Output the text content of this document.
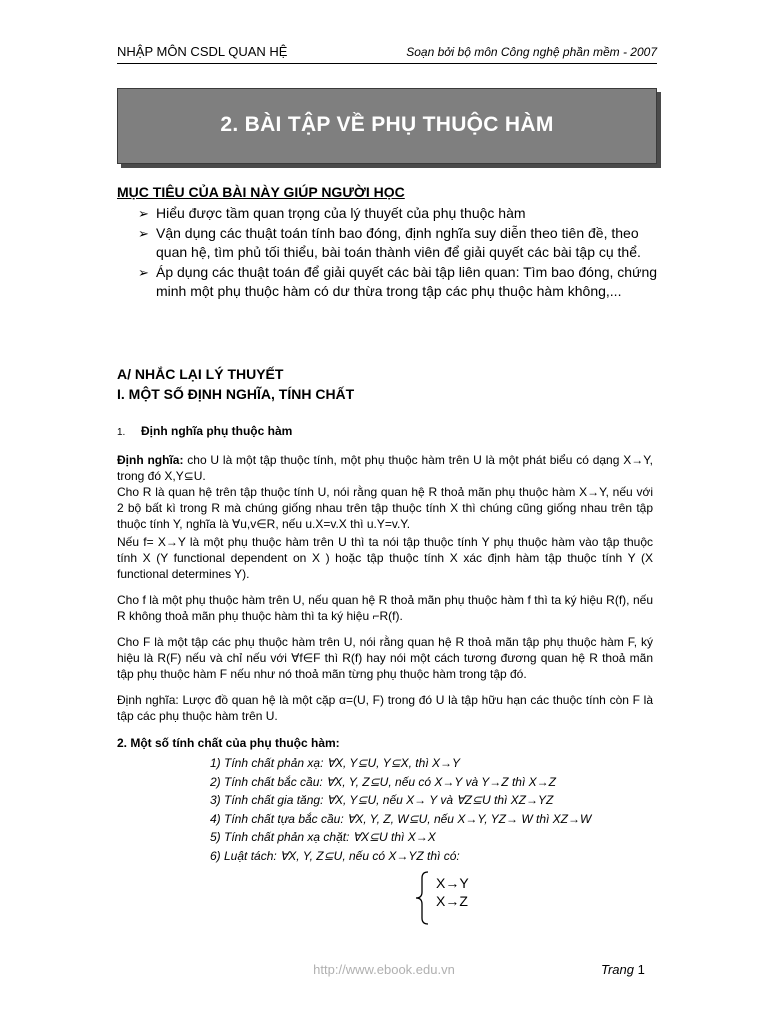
NHẬP MÔN CSDL QUAN HỆ	Soạn bởi bộ môn Công nghệ phần mềm - 2007
2. BÀI TẬP VỀ PHỤ THUỘC HÀM
MỤC TIÊU CỦA BÀI NÀY GIÚP NGƯỜI HỌC
➢ Hiểu được tầm quan trọng của lý thuyết của phụ thuộc hàm
➢ Vận dụng các thuật toán tính bao đóng, định nghĩa suy diễn theo tiên đề, theo quan hệ, tìm phủ tối thiểu, bài toán thành viên để giải quyết các bài tập cụ thể.
➢ Áp dụng các thuật toán để giải quyết các bài tập liên quan: Tìm bao đóng, chứng minh một phụ thuộc hàm có dư thừa trong tập các phụ thuộc hàm không,...
A/ NHẮC LẠI LÝ THUYẾT
I. MỘT SỐ ĐỊNH NGHĨA, TÍNH CHẤT
1. Định nghĩa phụ thuộc hàm
Định nghĩa: cho U là một tập thuộc tính, một phụ thuộc hàm trên U là một phát biểu có dạng X→Y, trong đó X,Y⊆U.
Cho R là quan hệ trên tập thuộc tính U, nói rằng quan hệ R thoả mãn phụ thuộc hàm X→Y, nếu với 2 bộ bất kì trong R mà chúng giống nhau trên tập thuộc tính X thì chúng cũng giống nhau trên tập thuộc tính Y, nghĩa là ∀u,v∈R, nếu u.X=v.X thì u.Y=v.Y.
Nếu f= X→Y là một phụ thuộc hàm trên U thì ta nói tập thuộc tính Y phụ thuộc hàm vào tập thuộc tính X (Y functional dependent on X ) hoặc tập thuộc tính X xác định hàm tập thuộc tính Y (X functional determines Y).
Cho f là một phụ thuộc hàm trên U, nếu quan hệ R thoả mãn phụ thuộc hàm f thì ta ký hiệu R(f), nếu R không thoả mãn phụ thuộc hàm thì ta ký hiệu ⌐R(f).
Cho F là một tập các phụ thuộc hàm trên U, nói rằng quan hệ R thoả mãn tập phụ thuộc hàm F, ký hiệu là R(F) nếu và chỉ nếu với ∀f∈F thì R(f) hay nói một cách tương đương quan hệ R thoả mãn tập phụ thuộc hàm F nếu như nó thoả mãn từng phụ thuộc hàm trong tập đó.
Định nghĩa: Lược đồ quan hệ là một cặp α=(U, F) trong đó U là tập hữu hạn các thuộc tính còn F là tập các phụ thuộc hàm trên U.
2. Một số tính chất của phụ thuộc hàm:
1) Tính chất phản xạ: ∀X, Y⊆U, Y⊆X, thì X→Y
2) Tính chất bắc cầu: ∀X, Y, Z⊆U, nếu có X→Y và Y→Z thì X→Z
3) Tính chất gia tăng: ∀X, Y⊆U, nếu X→ Y và ∀Z⊆U thì XZ→YZ
4) Tính chất tựa bắc cầu: ∀X, Y, Z, W⊆U, nếu X→Y, YZ→ W thì XZ→W
5) Tính chất phản xạ chặt: ∀X⊆U thì X→X
6) Luật tách: ∀X, Y, Z⊆U, nếu có X→YZ thì có:
X→Y
X→Z
http://www.ebook.edu.vn	Trang 1
